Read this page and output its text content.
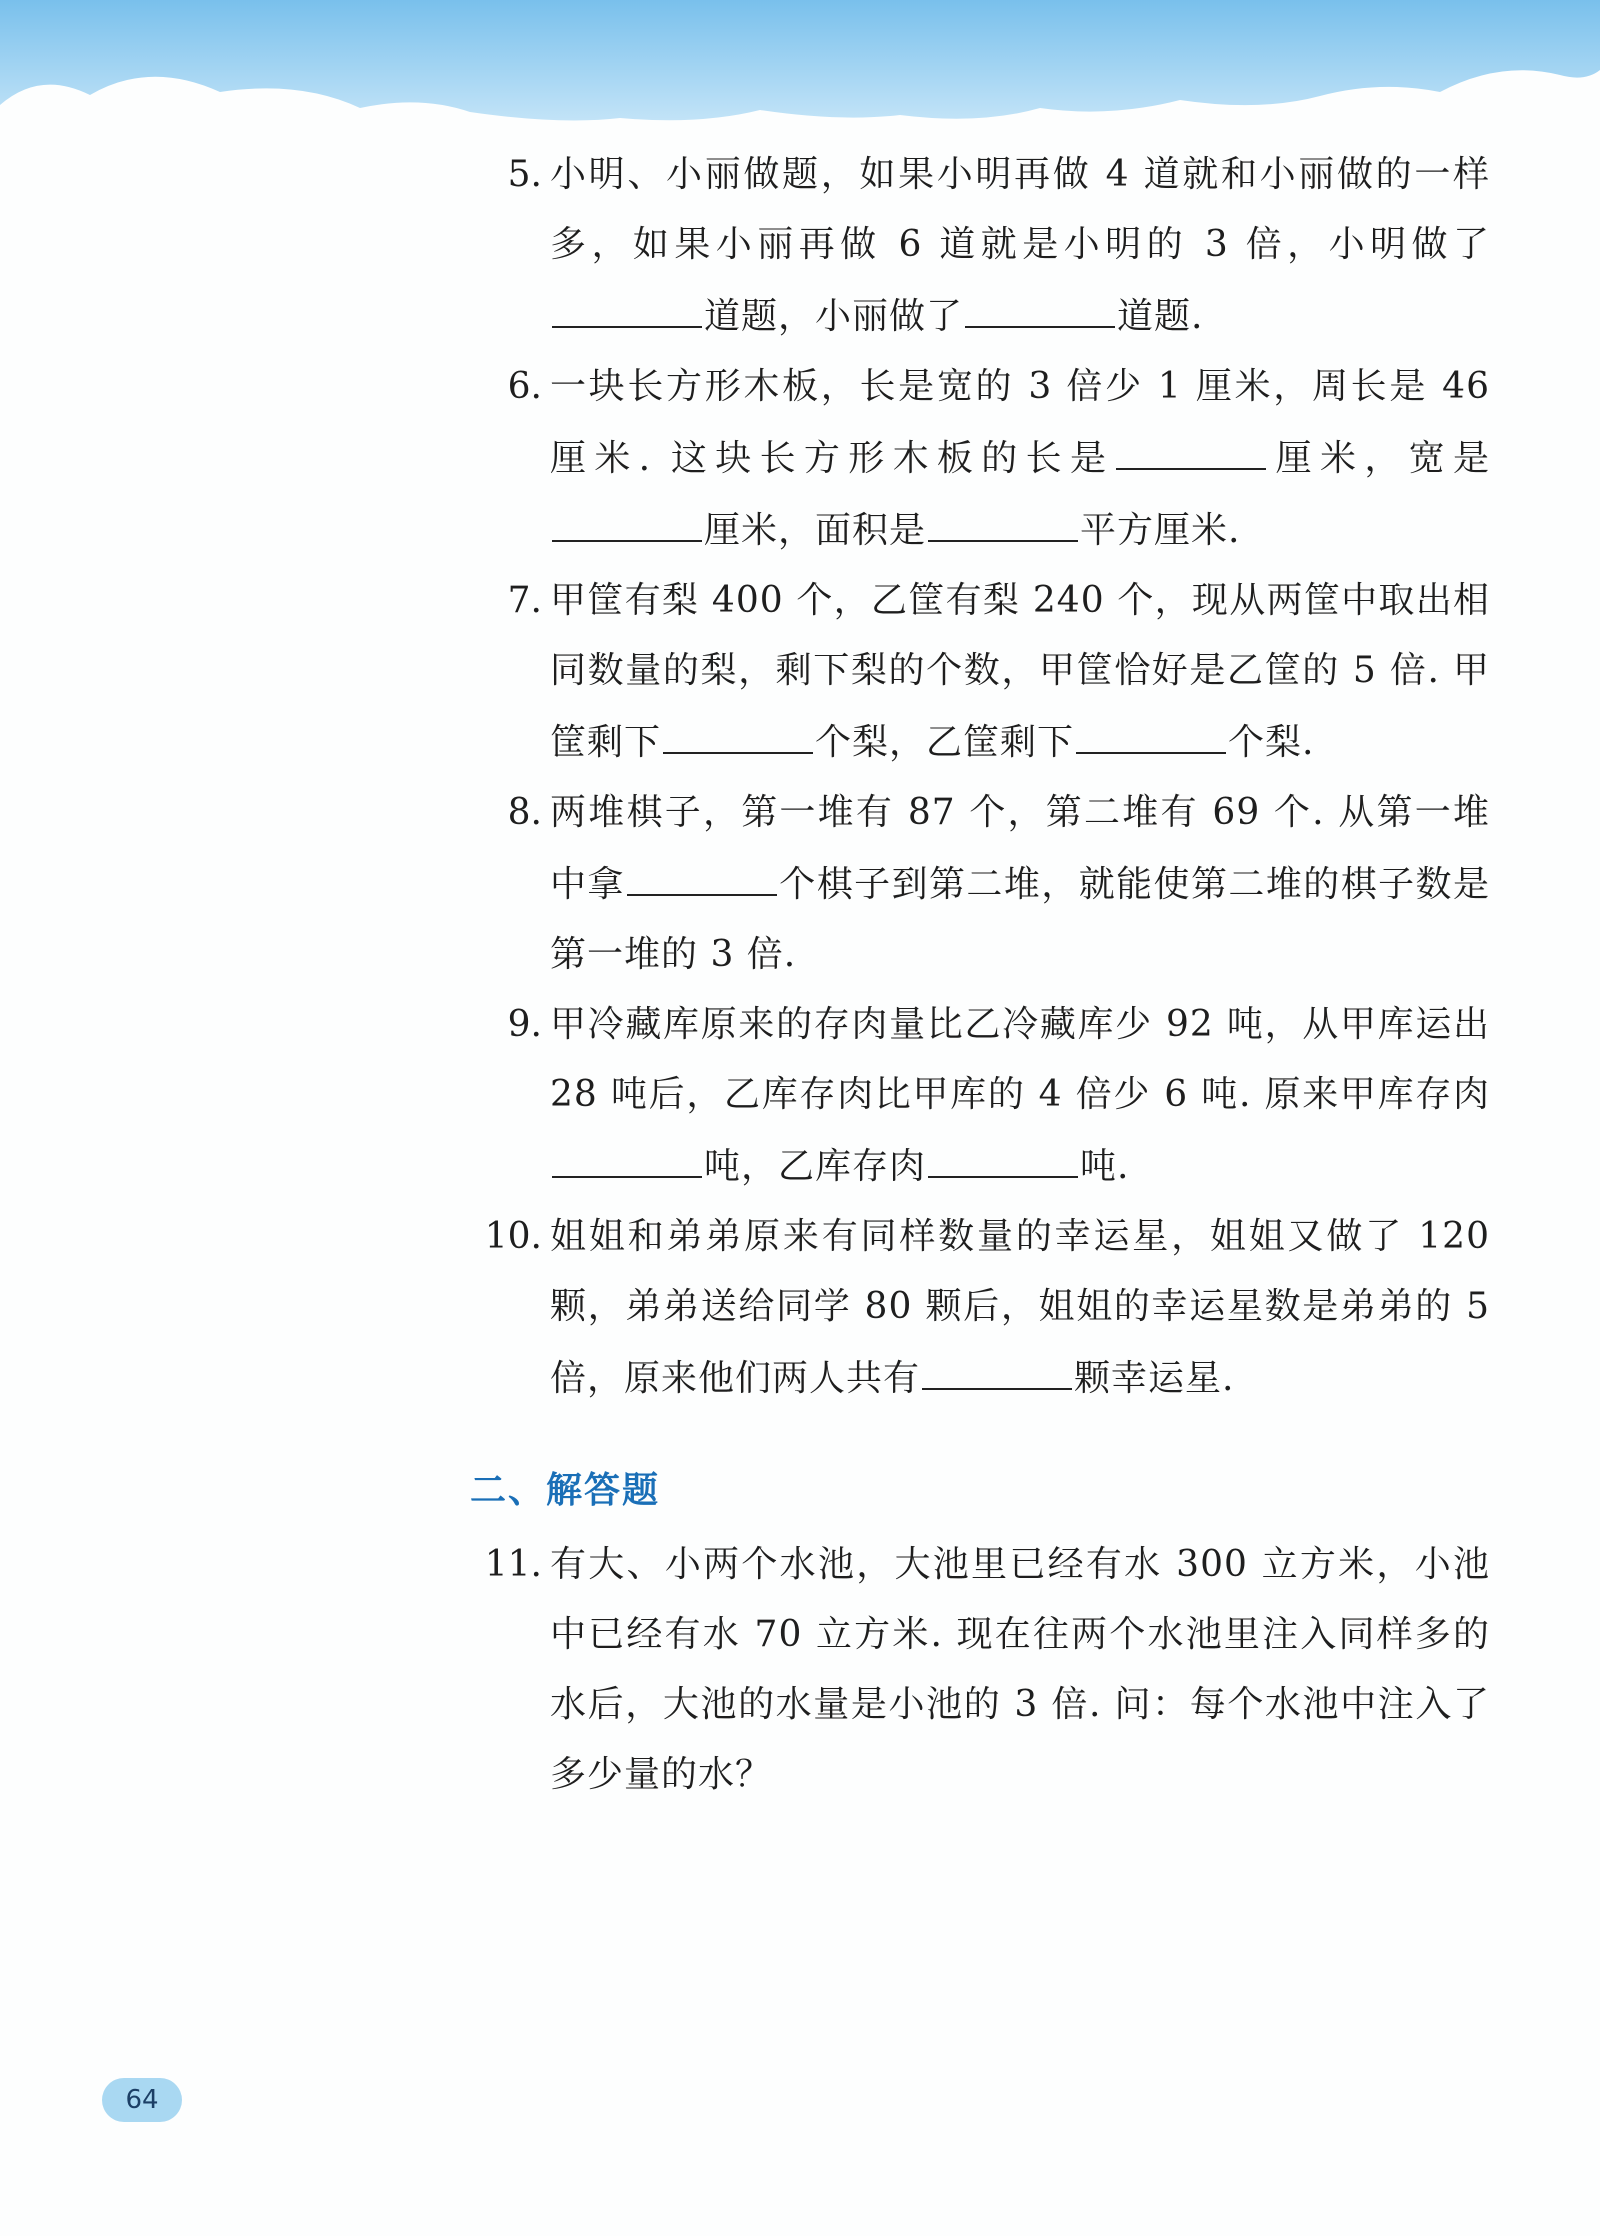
5. 小明、小丽做题，如果小明再做 4 道就和小丽做的一样多，如果小丽再做 6 道就是小明的 3 倍，小明做了道题，小丽做了	道题.
6. 一块长方形木板，长是宽的 3 倍少 1 厘米，周长是 46 厘米. 这块长方形木板的长是	厘米，宽是厘米，面积是	平方厘米.
7. 甲筐有梨 400 个，乙筐有梨 240 个，现从两筐中取出相同数量的梨，剩下梨的个数，甲筐恰好是乙筐的 5 倍. 甲筐剩下	个梨，乙筐剩下	个梨.
8. 两堆棋子，第一堆有 87 个，第二堆有 69 个. 从第一堆中拿	个棋子到第二堆，就能使第二堆的棋子数是第一堆的 3 倍.
9. 甲冷藏库原来的存肉量比乙冷藏库少 92 吨，从甲库运出 28 吨后，乙库存肉比甲库的 4 倍少 6 吨. 原来甲库存肉吨，乙库存肉	吨.
10. 姐姐和弟弟原来有同样数量的幸运星，姐姐又做了 120 颗，弟弟送给同学 80 颗后，姐姐的幸运星数是弟弟的 5 倍，原来他们两人共有	颗幸运星.
二、解答题
11. 有大、小两个水池，大池里已经有水 300 立方米，小池中已经有水 70 立方米. 现在往两个水池里注入同样多的水后，大池的水量是小池的 3 倍. 问：每个水池中注入了多少量的水？
64
